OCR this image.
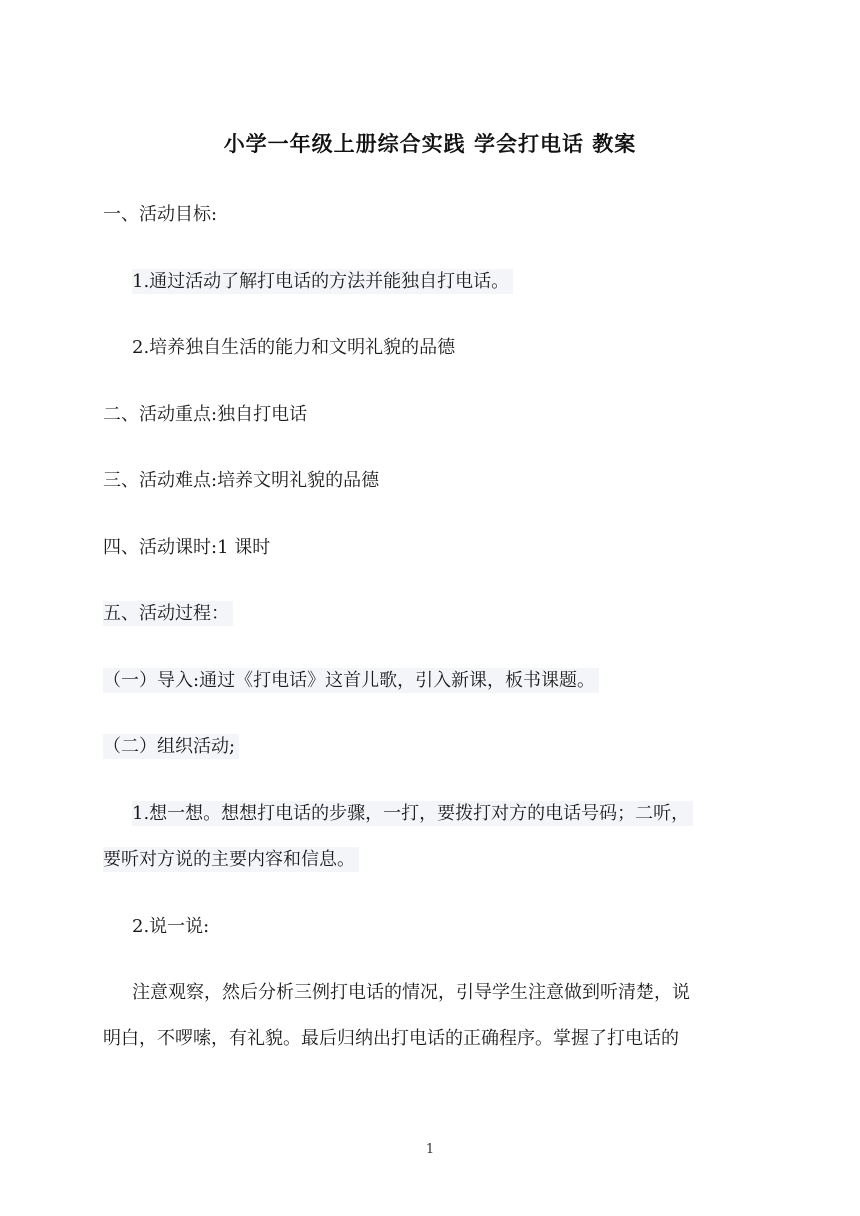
小学一年级上册综合实践 学会打电话 教案
一、活动目标:
1.通过活动了解打电话的方法并能独自打电话。
2.培养独自生活的能力和文明礼貌的品德
二、活动重点:独自打电话
三、活动难点:培养文明礼貌的品德
四、活动课时:1 课时
五、活动过程：
（一）导入:通过《打电话》这首儿歌，引入新课，板书课题。
（二）组织活动;
1.想一想。想想打电话的步骤，一打，要拨打对方的电话号码；二听，
要听对方说的主要内容和信息。
2.说一说:
注意观察，然后分析三例打电话的情况，引导学生注意做到听清楚，说
明白，不啰嗦，有礼貌。最后归纳出打电话的正确程序。掌握了打电话的
1
